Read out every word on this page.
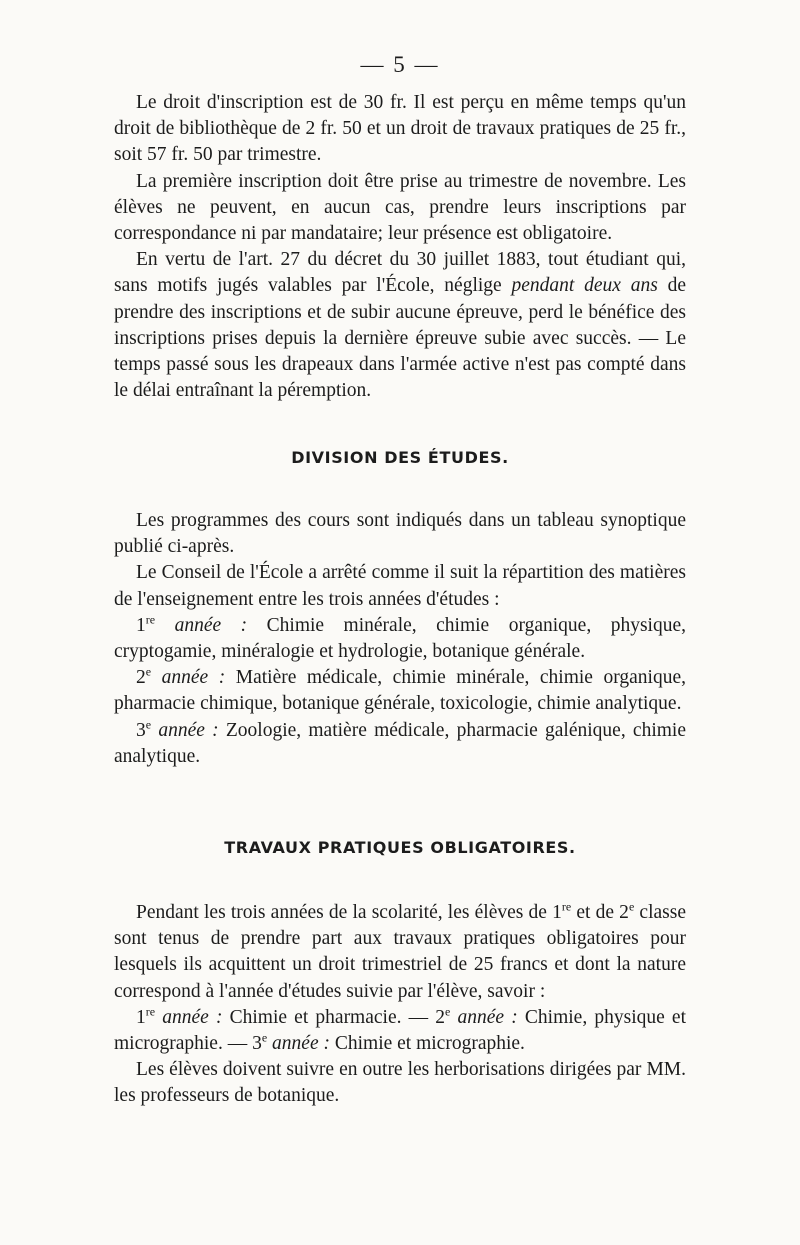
— 5 —

Le droit d'inscription est de 30 fr. Il est perçu en même temps qu'un droit de bibliothèque de 2 fr. 50 et un droit de travaux pratiques de 25 fr., soit 57 fr. 50 par trimestre.

La première inscription doit être prise au trimestre de novembre. Les élèves ne peuvent, en aucun cas, prendre leurs inscriptions par correspondance ni par mandataire; leur présence est obligatoire.

En vertu de l'art. 27 du décret du 30 juillet 1883, tout étudiant qui, sans motifs jugés valables par l'École, néglige pendant deux ans de prendre des inscriptions et de subir aucune épreuve, perd le bénéfice des inscriptions prises depuis la dernière épreuve subie avec succès. — Le temps passé sous les drapeaux dans l'armée active n'est pas compté dans le délai entraînant la péremption.

DIVISION DES ÉTUDES.

Les programmes des cours sont indiqués dans un tableau synoptique publié ci-après.

Le Conseil de l'École a arrêté comme il suit la répartition des matières de l'enseignement entre les trois années d'études :

1re année : Chimie minérale, chimie organique, physique, cryptogamie, minéralogie et hydrologie, botanique générale.

2e année : Matière médicale, chimie minérale, chimie organique, pharmacie chimique, botanique générale, toxicologie, chimie analytique.

3e année : Zoologie, matière médicale, pharmacie galénique, chimie analytique.

TRAVAUX PRATIQUES OBLIGATOIRES.

Pendant les trois années de la scolarité, les élèves de 1re et de 2e classe sont tenus de prendre part aux travaux pratiques obligatoires pour lesquels ils acquittent un droit trimestriel de 25 francs et dont la nature correspond à l'année d'études suivie par l'élève, savoir :

1re année : Chimie et pharmacie. — 2e année : Chimie, physique et micrographie. — 3e année : Chimie et micrographie.

Les élèves doivent suivre en outre les herborisations dirigées par MM. les professeurs de botanique.
